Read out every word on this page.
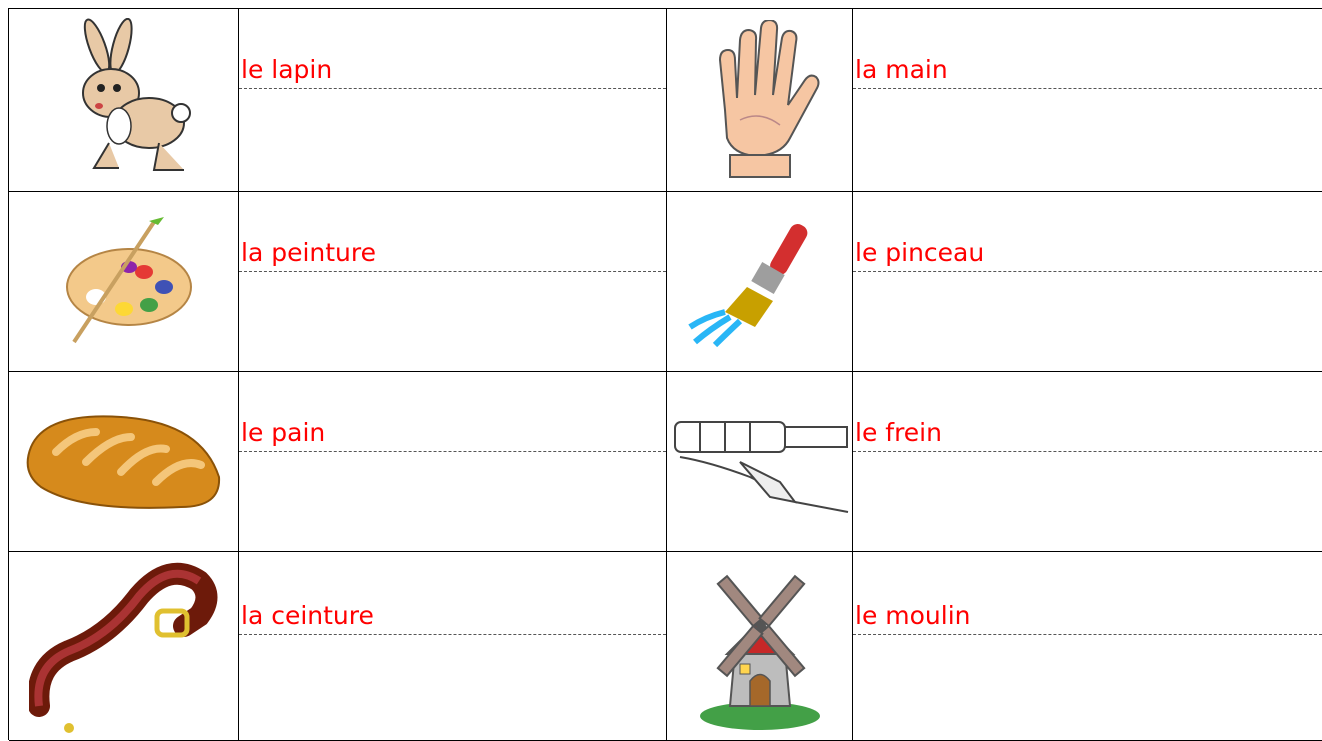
le lapin	la main
la peinture	le pinceau
le pain	le frein
la ceinture	le moulin
